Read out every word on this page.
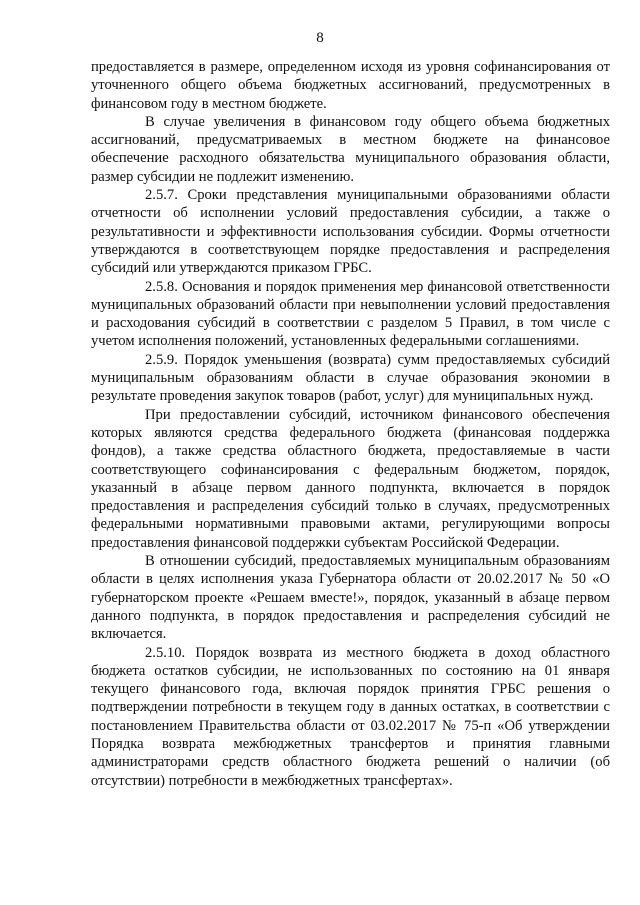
8

предоставляется в размере, определенном исходя из уровня софинансирования от уточненного общего объема бюджетных ассигнований, предусмотренных в финансовом году в местном бюджете.

В случае увеличения в финансовом году общего объема бюджетных ассигнований, предусматриваемых в местном бюджете на финансовое обеспечение расходного обязательства муниципального образования области, размер субсидии не подлежит изменению.

2.5.7. Сроки представления муниципальными образованиями области отчетности об исполнении условий предоставления субсидии, а также о результативности и эффективности использования субсидии. Формы отчетности утверждаются в соответствующем порядке предоставления и распределения субсидий или утверждаются приказом ГРБС.

2.5.8. Основания и порядок применения мер финансовой ответственности муниципальных образований области при невыполнении условий предоставления и расходования субсидий в соответствии с разделом 5 Правил, в том числе с учетом исполнения положений, установленных федеральными соглашениями.

2.5.9. Порядок уменьшения (возврата) сумм предоставляемых субсидий муниципальным образованиям области в случае образования экономии в результате проведения закупок товаров (работ, услуг) для муниципальных нужд.

При предоставлении субсидий, источником финансового обеспечения которых являются средства федерального бюджета (финансовая поддержка фондов), а также средства областного бюджета, предоставляемые в части соответствующего софинансирования с федеральным бюджетом, порядок, указанный в абзаце первом данного подпункта, включается в порядок предоставления и распределения субсидий только в случаях, предусмотренных федеральными нормативными правовыми актами, регулирующими вопросы предоставления финансовой поддержки субъектам Российской Федерации.

В отношении субсидий, предоставляемых муниципальным образованиям области в целях исполнения указа Губернатора области от 20.02.2017 № 50 «О губернаторском проекте «Решаем вместе!», порядок, указанный в абзаце первом данного подпункта, в порядок предоставления и распределения субсидий не включается.

2.5.10. Порядок возврата из местного бюджета в доход областного бюджета остатков субсидии, не использованных по состоянию на 01 января текущего финансового года, включая порядок принятия ГРБС решения о подтверждении потребности в текущем году в данных остатках, в соответствии с постановлением Правительства области от 03.02.2017 № 75-п «Об утверждении Порядка возврата межбюджетных трансфертов и принятия главными администраторами средств областного бюджета решений о наличии (об отсутствии) потребности в межбюджетных трансфертах».
